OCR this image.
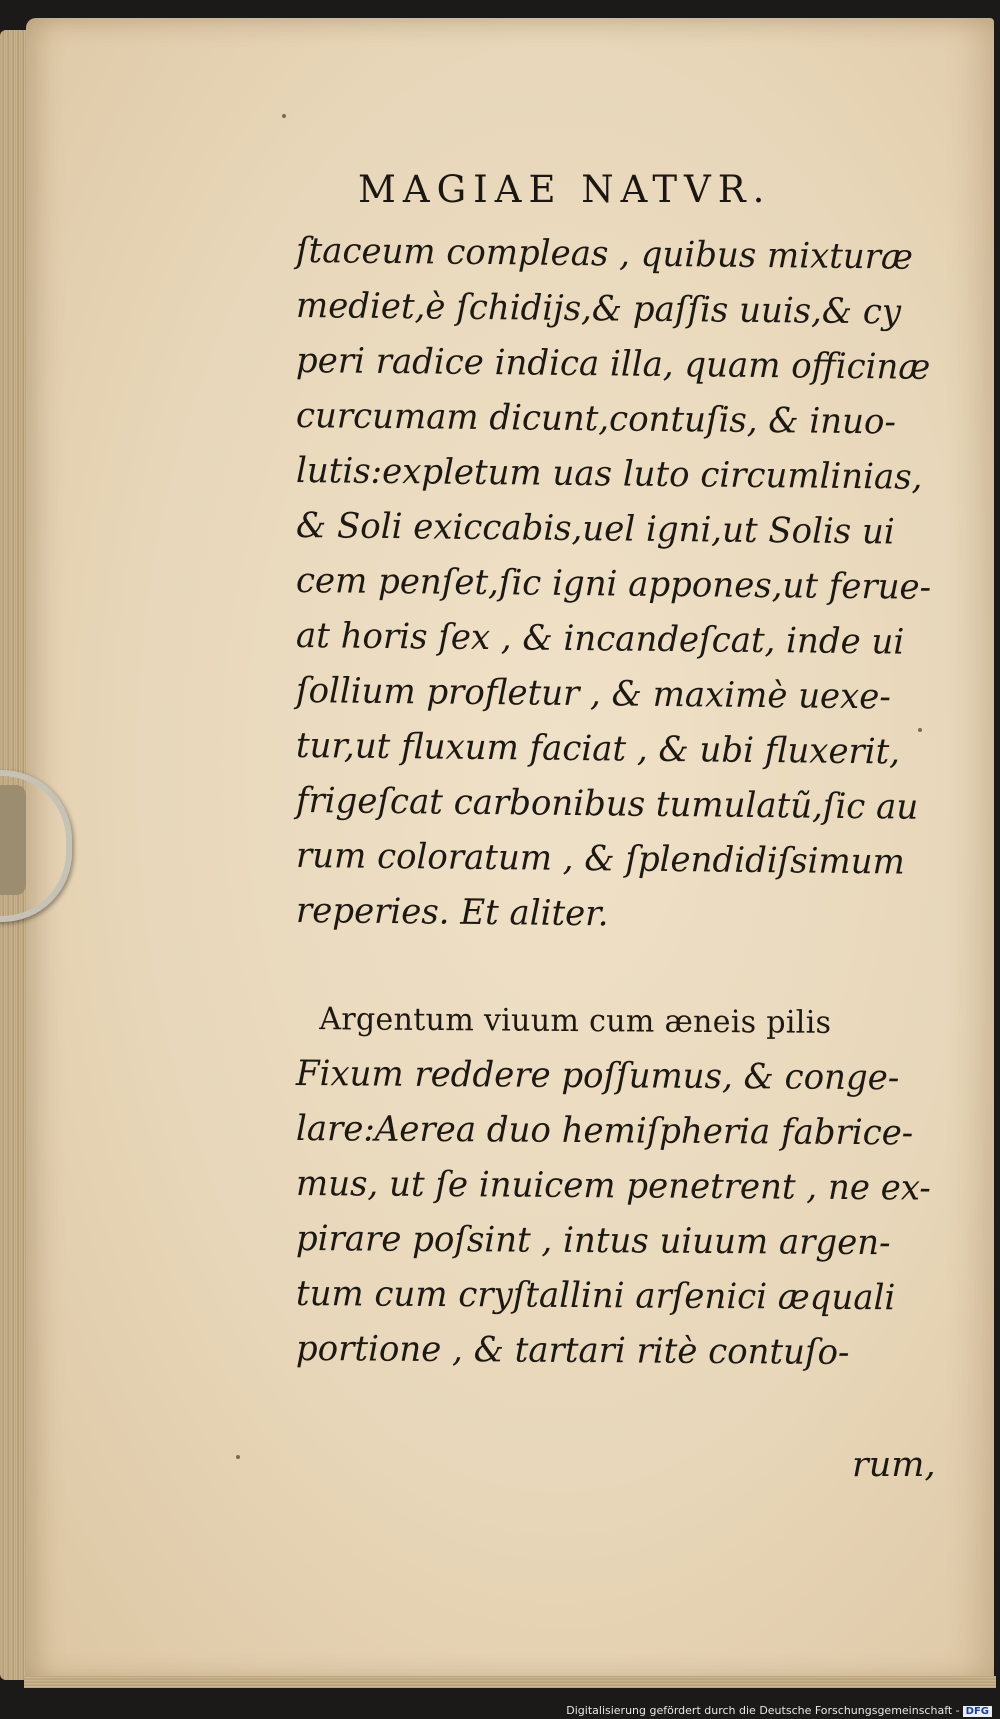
MAGIAE NATVR.
ſtaceum compleas , quibus mixturæ
mediet,è ſchidijs,& paſſis uuis,& cy
peri radice indica illa, quam officinæ
curcumam dicunt,contuſis, & inuo-
lutis:expletum uas luto circumlinias,
& Soli exiccabis,uel igni,ut Solis ui
cem penſet,ſic igni appones,ut ferue-
at horis ſex , & incandeſcat, inde ui
ſollium profletur , & maximè uexe-
tur,ut fluxum faciat , & ubi fluxerit,
frigeſcat carbonibus tumulatũ,ſic au
rum coloratum , & ſplendidiſsimum
reperies. Et aliter.
Argentum viuum cum æneis pilis
Fixum reddere poſſumus, & conge-
lare:Aerea duo hemiſpheria fabrice-
mus, ut ſe inuicem penetrent , ne ex-
pirare poſsint , intus uiuum argen-
tum cum cryſtallini arſenici æquali
portione , & tartari ritè contuſo-
rum,
Digitalisierung gefördert durch die Deutsche Forschungsgemeinschaft - DFG
